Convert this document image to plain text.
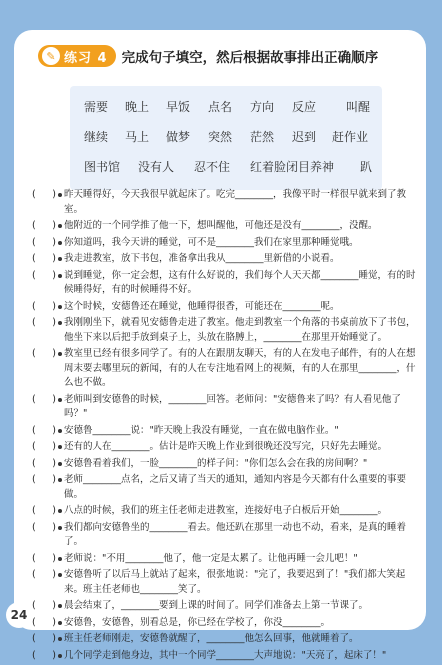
✎ 练习 4 完成句子填空，然后根据故事排出正确顺序
需要 晚上 早饭 点名 方向 反应 叫醒
继续 马上 做梦 突然 茫然 迟到 赶作业
图书馆 没有人 忍不住 红着脸闭目养神 趴
( ) 昨天睡得好，今天我很早就起床了。吃完________，我像平时一样很早就来到了教室。
( ) 他附近的一个同学推了他一下，想叫醒他，可他还是没有________，没醒。
( ) 你知道吗，我今天讲的睡觉，可不是________我们在家里那种睡觉哦。
( ) 我走进教室，放下书包，准备拿出我从________里新借的小说看。
( ) 说到睡觉，你一定会想，这有什么好说的，我们每个人天天都________睡觉，有的时候睡得好，有的时候睡得不好。
( ) 这个时候，安德鲁还在睡觉，他睡得很香，可能还在________呢。
( ) 我刚刚坐下，就看见安德鲁走进了教室。他走到教室一个角落的书桌前放下了书包，他坐下来以后把手放到桌子上，头放在胳膊上，________在那里开始睡觉了。
( ) 教室里已经有很多同学了。有的人在跟朋友聊天，有的人在发电子邮件，有的人在想周末要去哪里玩的新闻，有的人在专注地看网上的视频，有的人在那里________，什么也不做。
( ) 老师叫到安德鲁的时候，________回答。老师问："安德鲁来了吗？有人看见他了吗？"
( ) 安德鲁________说："昨天晚上我没有睡觉，一直在做电脑作业。"
( ) 还有的人在________。估计是昨天晚上作业到很晚还没写完，只好先去睡觉。
( ) 安德鲁看着我们，一脸________的样子问："你们怎么会在我的房间啊？"
( ) 老师________点名，之后又请了当天的通知，通知内容是今天都有什么重要的事要做。
( ) 八点的时候，我们的班主任老师走进教室，连接好电子白板后开始________。
( ) 我们都向安德鲁坐的________看去。他还趴在那里一动也不动，看来，是真的睡着了。
( ) 老师说："不用________他了，他一定是太累了。让他再睡一会儿吧！"
( ) 安德鲁听了以后马上就站了起来，很张地说："完了，我要迟到了！"我们都大笑起来。班主任老师也________笑了。
( ) 晨会结束了，________要到上课的时间了。同学们准备去上第一节课了。
( ) 安德鲁，安德鲁，别看总是，你已经在学校了，你没________。
( ) 班主任老师刚走，安德鲁就醒了，________他怎么回事，他就睡着了。
( ) 几个同学走到他身边，其中一个同学________大声地说："天亮了，起床了！"
24
